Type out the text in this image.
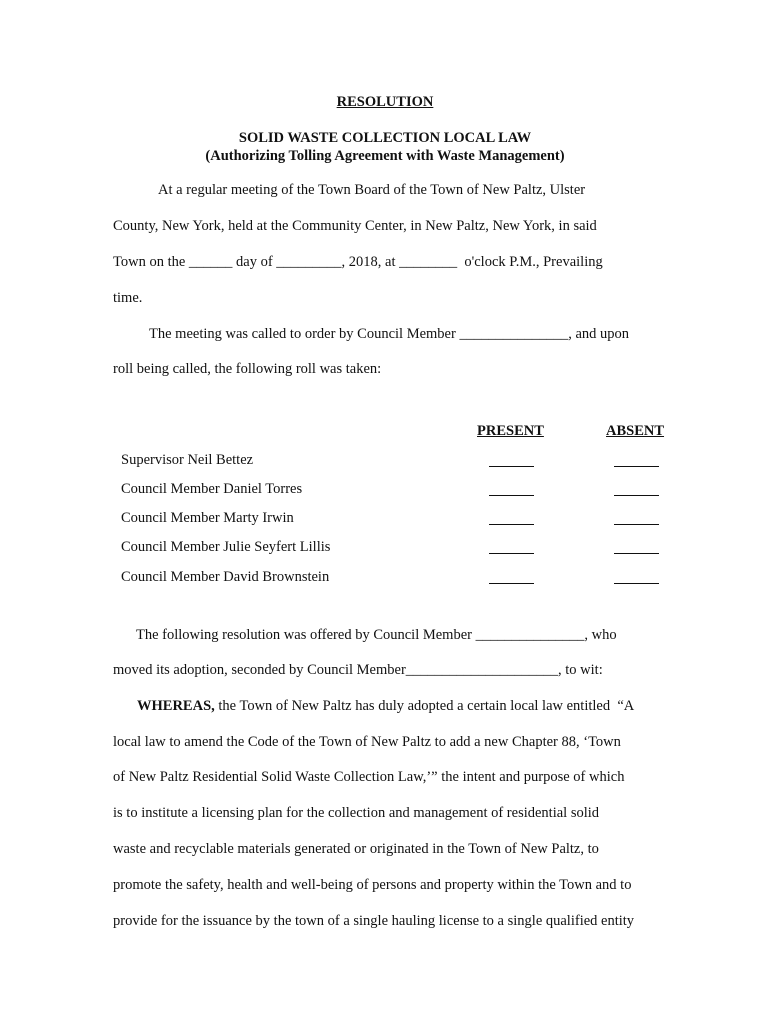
RESOLUTION
SOLID WASTE COLLECTION LOCAL LAW
(Authorizing Tolling Agreement with Waste Management)
At a regular meeting of the Town Board of the Town of New Paltz, Ulster
County, New York, held at the Community Center, in New Paltz, New York, in said
Town on the ______ day of _________, 2018, at ________  o'clock P.M., Prevailing
time.
The meeting was called to order by Council Member _______________, and upon
roll being called, the following roll was taken:
PRESENT	ABSENT
Supervisor Neil Bettez
Council Member Daniel Torres
Council Member Marty Irwin
Council Member Julie Seyfert Lillis
Council Member David Brownstein
The following resolution was offered by Council Member _______________, who
moved its adoption, seconded by Council Member_____________________, to wit:
WHEREAS, the Town of New Paltz has duly adopted a certain local law entitled  “A
local law to amend the Code of the Town of New Paltz to add a new Chapter 88, ‘Town
of New Paltz Residential Solid Waste Collection Law,’” the intent and purpose of which
is to institute a licensing plan for the collection and management of residential solid
waste and recyclable materials generated or originated in the Town of New Paltz, to
promote the safety, health and well-being of persons and property within the Town and to
provide for the issuance by the town of a single hauling license to a single qualified entity
